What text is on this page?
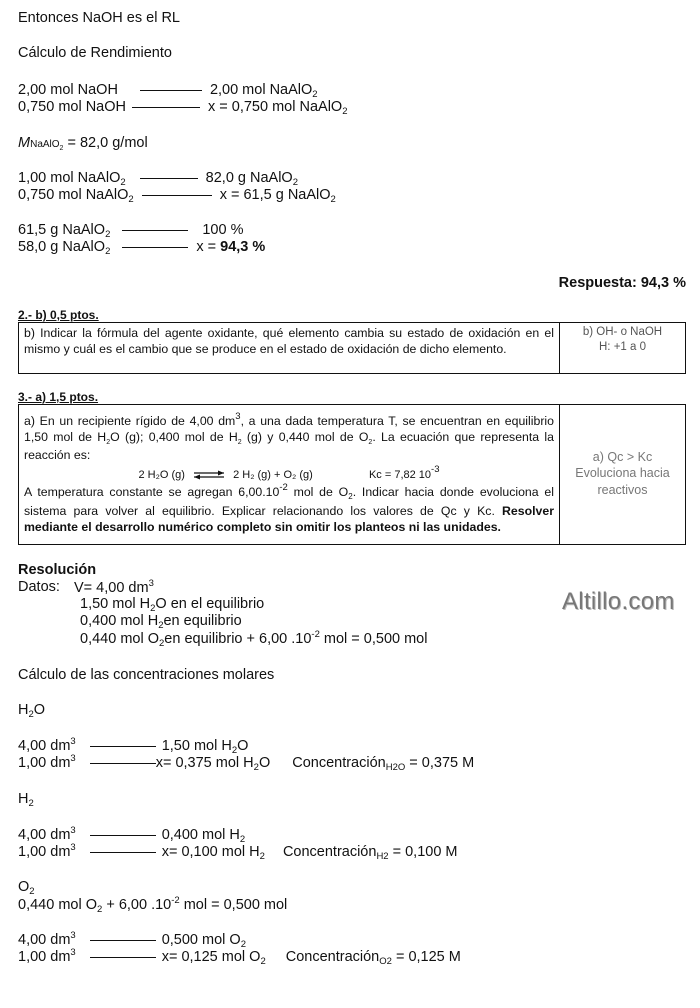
Entonces NaOH es el RL
Cálculo de Rendimiento
2,00 mol NaOH	2,00 mol NaAlO$_2$
0,750 mol NaOH	x = 0,750 mol NaAlO$_2$
MNaAlO$_2$ = 82,0 g/mol
1,00 mol NaAlO$_2$	82,0 g NaAlO$_2$
0,750 mol NaAlO$_2$	x = 61,5 g NaAlO$_2$
61,5 g NaAlO$_2$	100 %
58,0 g NaAlO$_2$	x = 94,3 %
Respuesta: 94,3 %
2.- b) 0,5 ptos.
b) Indicar la fórmula del agente oxidante, qué elemento cambia su estado de oxidación en el mismo y cuál es el cambio que se produce en el estado de oxidación de dicho elemento.
b) OH- o NaOH
H: +1 a 0
3.- a) 1,5 ptos.
a) En un recipiente rígido de 4,00 $dm^3$, a una dada temperatura T, se encuentran en equilibrio 1,50 mol de $H_2O$ (g); 0,400 mol de $H_2$ (g) y 0,440 mol de $O_2$. La ecuación que representa la reacción es:
2 H₂O (g) ⇌ 2 H₂ (g) + O₂ (g)	Kc = 7,82 $10^{-3}$
A temperatura constante se agregan $6,00.10^{-2}$ mol de $O_2$. Indicar hacia donde evoluciona el sistema para volver al equilibrio. Explicar relacionando los valores de Qc y Kc. Resolver mediante el desarrollo numérico completo sin omitir los planteos ni las unidades.
a) Qc > Kc
Evoluciona hacia
reactivos
Resolución
Datos: V= 4,00 $dm^3$
1,50 mol $H_2O$ en el equilibrio
0,400 mol $H_2en$ equilibrio
0,440 mol $O_2en$ equilibrio + 6,00 $.10^{-2}$ mol = 0,500 mol
Altillo.com
Cálculo de las concentraciones molares
$H_2O$
4,00 $dm^3$	1,50 mol $H_2O$
1,00 $dm^3$	x= 0,375 mol $H_2O$ Concentración$_{H2O}$ = 0,375 M
$H_2$
4,00 $dm^3$	0,400 mol $H_2$
1,00 $dm^3$	x= 0,100 mol $H_2$ Concentración$_{H2}$ = 0,100 M
$O_2$
0,440 mol $O_2 + 6,00$ $.10^{-2}$ mol = 0,500 mol
4,00 $dm^3$	0,500 mol $O_2$
1,00 $dm^3$	x= 0,125 mol $O_2$ Concentración$_{O2}$ = 0,125 M
